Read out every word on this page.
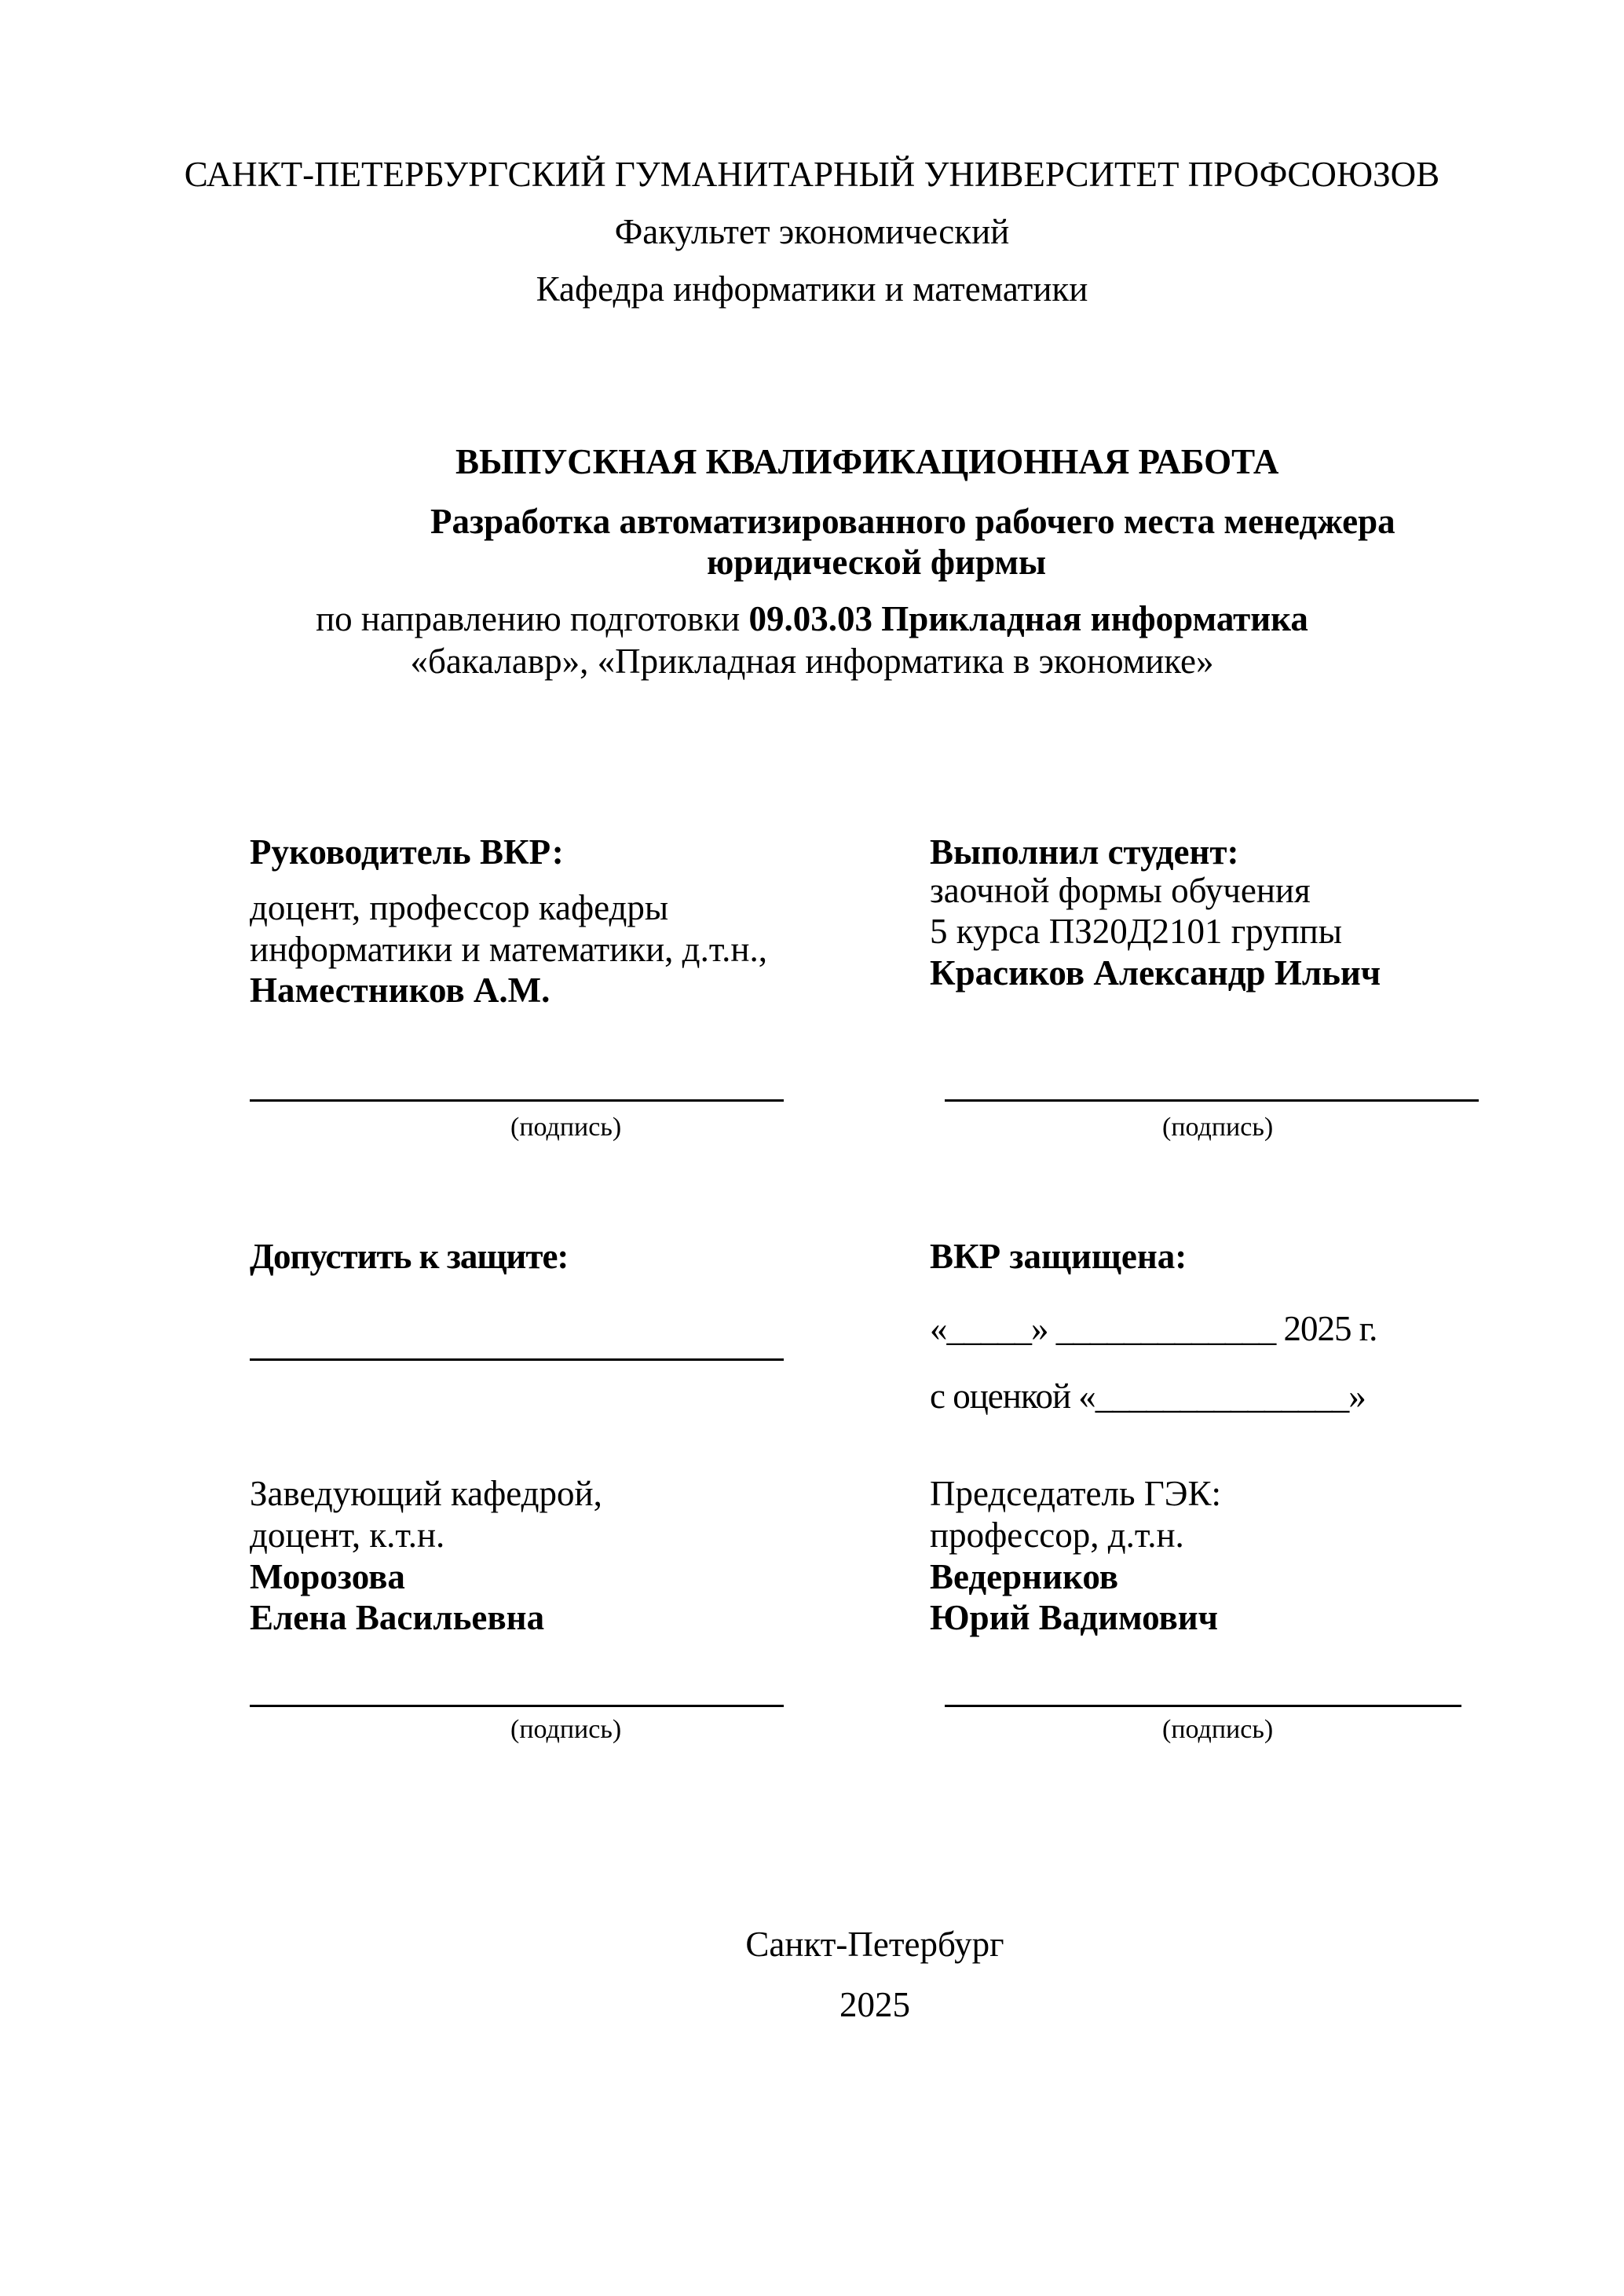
САНКТ-ПЕТЕРБУРГСКИЙ ГУМАНИТАРНЫЙ УНИВЕРСИТЕТ ПРОФСОЮЗОВ
Факультет экономический
Кафедра информатики и математики
ВЫПУСКНАЯ КВАЛИФИКАЦИОННАЯ РАБОТА
Разработка автоматизированного рабочего места менеджера
юридической фирмы
по направлению подготовки 09.03.03 Прикладная информатика
«бакалавр», «Прикладная информатика в экономике»
Руководитель ВКР:
доцент, профессор кафедры
информатики и математики, д.т.н.,
Наместников А.М.
Выполнил студент:
заочной формы обучения
5 курса ПЗ20Д2101 группы
Красиков Александр Ильич
(подпись)	(подпись)
Допустить к защите:	ВКР защищена:
«_____» _____________ 2025 г.
с оценкой «_______________»
Заведующий кафедрой,
доцент, к.т.н.
Морозова
Елена Васильевна
Председатель ГЭК:
профессор, д.т.н.
Ведерников
Юрий Вадимович
(подпись)	(подпись)
Санкт-Петербург
2025
